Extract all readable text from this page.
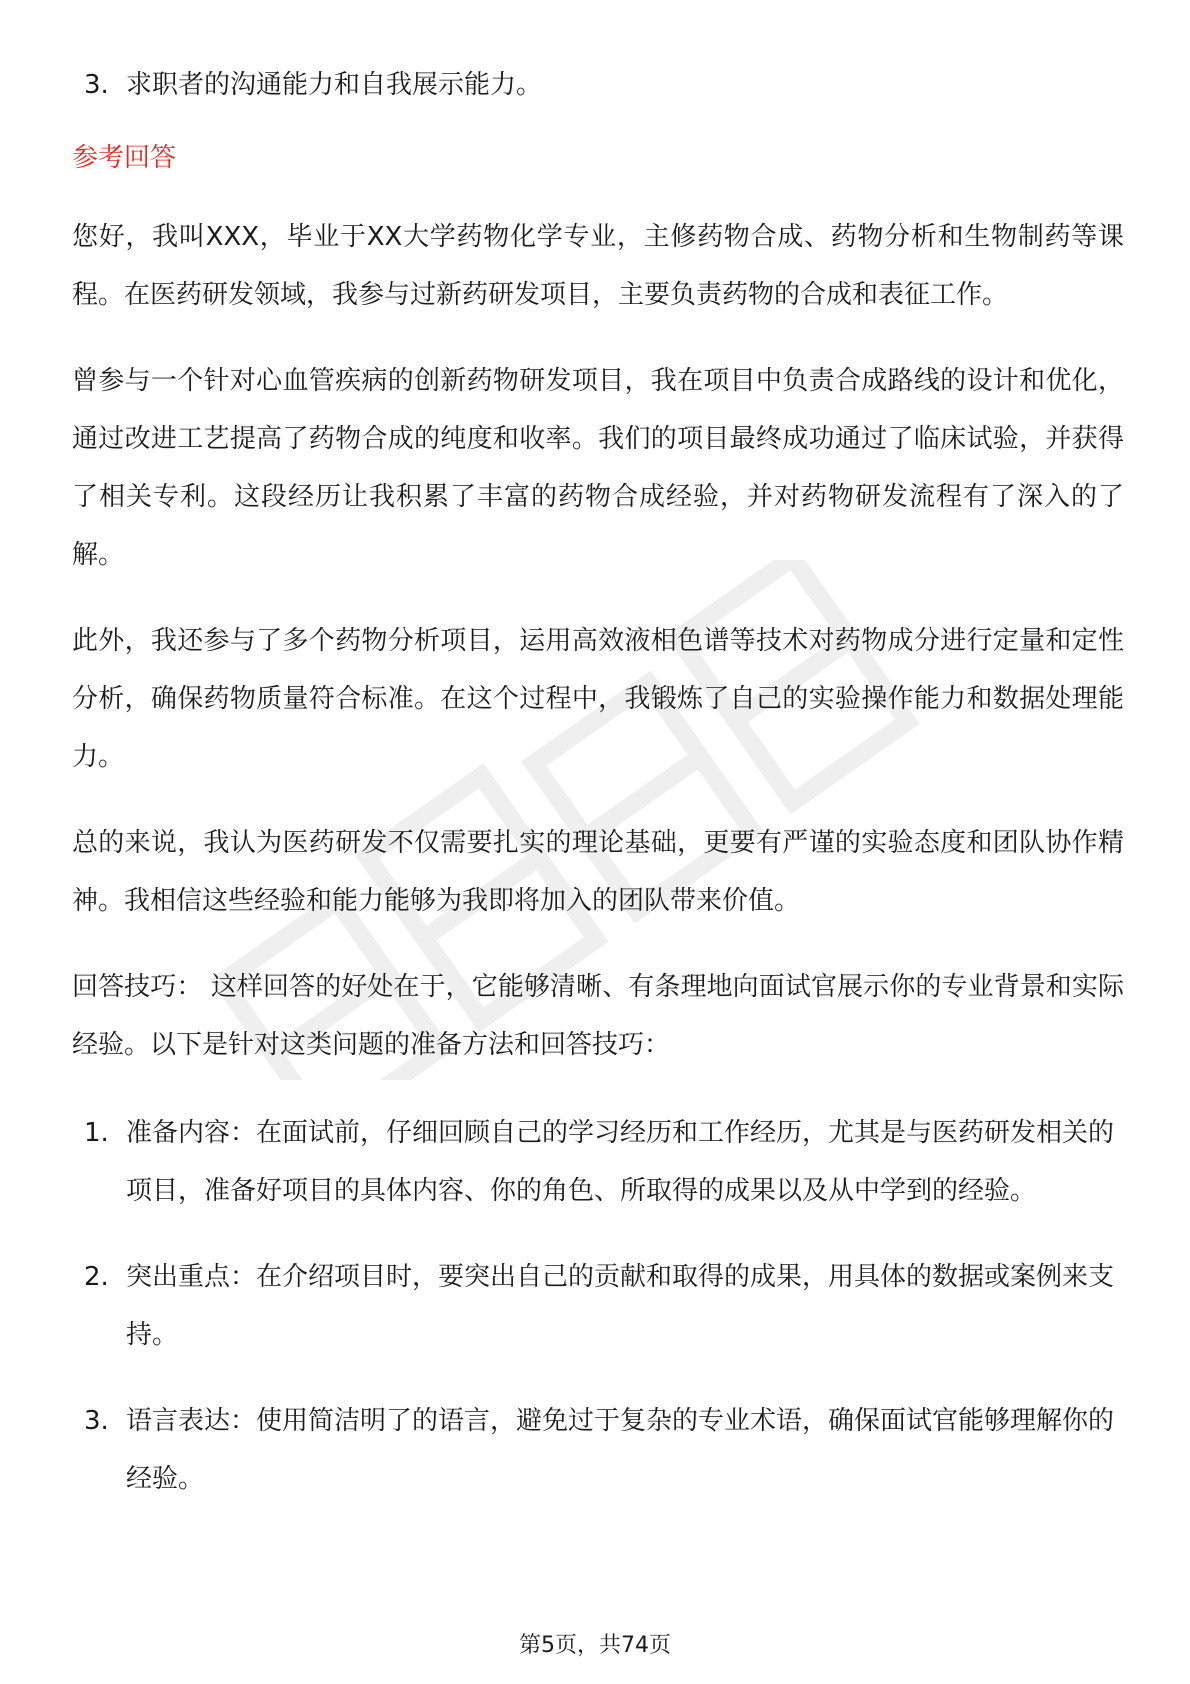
3. 求职者的沟通能力和自我展示能力。
参考回答

您好，我叫XXX，毕业于XX大学药物化学专业，主修药物合成、药物分析和生物制药等课程。在医药研发领域，我参与过新药研发项目，主要负责药物的合成和表征工作。

曾参与一个针对心血管疾病的创新药物研发项目，我在项目中负责合成路线的设计和优化，通过改进工艺提高了药物合成的纯度和收率。我们的项目最终成功通过了临床试验，并获得了相关专利。这段经历让我积累了丰富的药物合成经验，并对药物研发流程有了深入的了解。

此外，我还参与了多个药物分析项目，运用高效液相色谱等技术对药物成分进行定量和定性分析，确保药物质量符合标准。在这个过程中，我锻炼了自己的实验操作能力和数据处理能力。

总的来说，我认为医药研发不仅需要扎实的理论基础，更要有严谨的实验态度和团队协作精神。我相信这些经验和能力能够为我即将加入的团队带来价值。

回答技巧： 这样回答的好处在于，它能够清晰、有条理地向面试官展示你的专业背景和实际经验。以下是针对这类问题的准备方法和回答技巧：

1. 准备内容：在面试前，仔细回顾自己的学习经历和工作经历，尤其是与医药研发相关的项目，准备好项目的具体内容、你的角色、所取得的成果以及从中学到的经验。
2. 突出重点：在介绍项目时，要突出自己的贡献和取得的成果，用具体的数据或案例来支持。
3. 语言表达：使用简洁明了的语言，避免过于复杂的专业术语，确保面试官能够理解你的经验。
第5页，共74页
